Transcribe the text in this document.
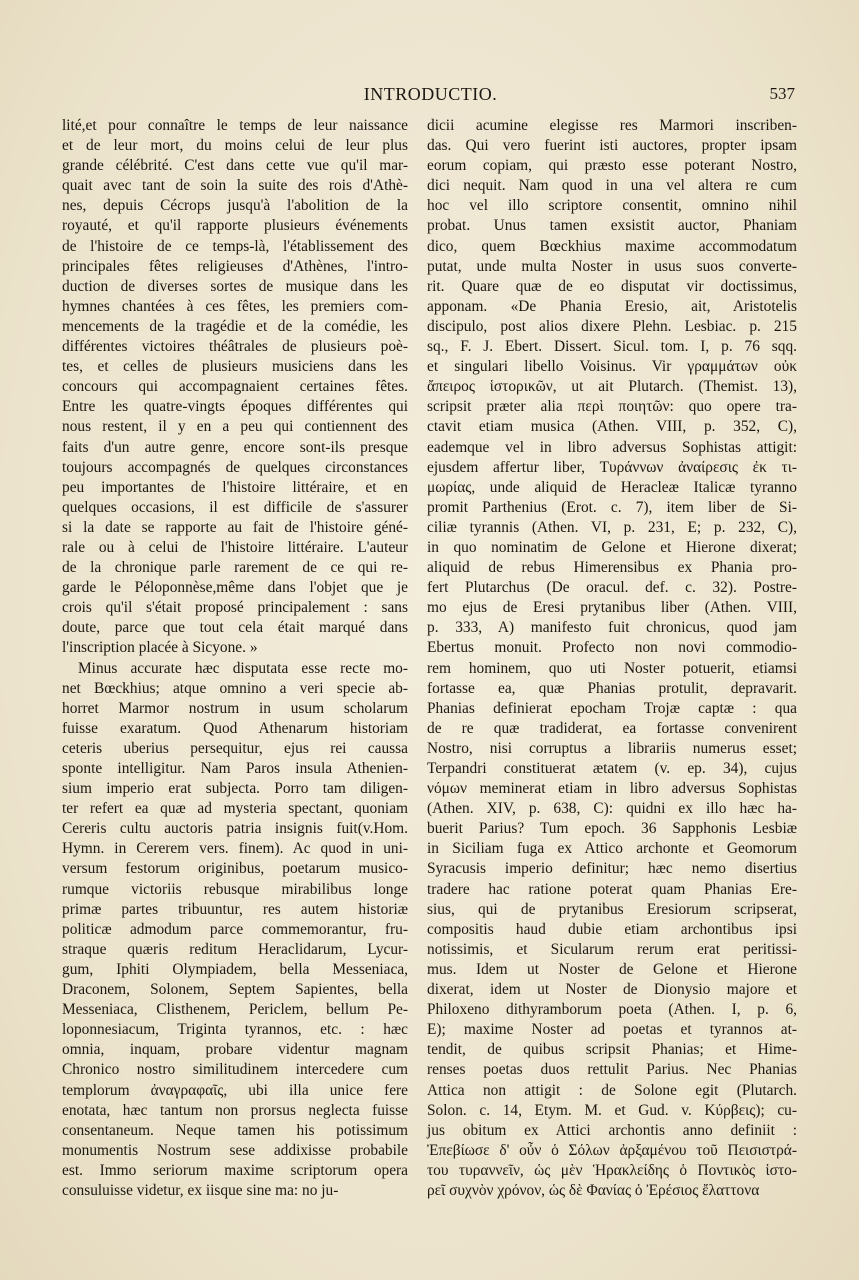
INTRODUCTIO.	537
lité,et pour connaître le temps de leur naissance
et de leur mort, du moins celui de leur plus
grande célébrité. C'est dans cette vue qu'il mar-
quait avec tant de soin la suite des rois d'Athè-
nes, depuis Cécrops jusqu'à l'abolition de la
royauté, et qu'il rapporte plusieurs événements
de l'histoire de ce temps-là, l'établissement des
principales fêtes religieuses d'Athènes, l'intro-
duction de diverses sortes de musique dans les
hymnes chantées à ces fêtes, les premiers com-
mencements de la tragédie et de la comédie, les
différentes victoires théâtrales de plusieurs poè-
tes, et celles de plusieurs musiciens dans les
concours qui accompagnaient certaines fêtes.
Entre les quatre-vingts époques différentes qui
nous restent, il y en a peu qui contiennent des
faits d'un autre genre, encore sont-ils presque
toujours accompagnés de quelques circonstances
peu importantes de l'histoire littéraire, et en
quelques occasions, il est difficile de s'assurer
si la date se rapporte au fait de l'histoire géné-
rale ou à celui de l'histoire littéraire. L'auteur
de la chronique parle rarement de ce qui re-
garde le Péloponnèse,même dans l'objet que je
crois qu'il s'était proposé principalement : sans
doute, parce que tout cela était marqué dans
l'inscription placée à Sicyone. »
Minus accurate hæc disputata esse recte mo-
net Bœckhius; atque omnino a veri specie ab-
horret Marmor nostrum in usum scholarum
fuisse exaratum. Quod Athenarum historiam
ceteris uberius persequitur, ejus rei caussa
sponte intelligitur. Nam Paros insula Athenien-
sium imperio erat subjecta. Porro tam diligen-
ter refert ea quæ ad mysteria spectant, quoniam
Cereris cultu auctoris patria insignis fuit(v.Hom.
Hymn. in Cererem vers. finem). Ac quod in uni-
versum festorum originibus, poetarum musico-
rumque victoriis rebusque mirabilibus longe
primæ partes tribuuntur, res autem historiæ
politicæ admodum parce commemorantur, fru-
straque quæris reditum Heraclidarum, Lycur-
gum, Iphiti Olympiadem, bella Messeniaca,
Draconem, Solonem, Septem Sapientes, bella
Messeniaca, Clisthenem, Periclem, bellum Pe-
loponnesiacum, Triginta tyrannos, etc. : hæc
omnia, inquam, probare videntur magnam
Chronico nostro similitudinem intercedere cum
templorum ἀναγραφαῖς, ubi illa unice fere
enotata, hæc tantum non prorsus neglecta fuisse
consentaneum. Neque tamen his potissimum
monumentis Nostrum sese addixisse probabile
est. Immo seriorum maxime scriptorum opera
consuluisse videtur, ex iisque sine ma: no ju-
dicii acumine elegisse res Marmori inscriben-
das. Qui vero fuerint isti auctores, propter ipsam
eorum copiam, qui præsto esse poterant Nostro,
dici nequit. Nam quod in una vel altera re cum
hoc vel illo scriptore consentit, omnino nihil
probat. Unus tamen exsistit auctor, Phaniam
dico, quem Bœckhius maxime accommodatum
putat, unde multa Noster in usus suos converte-
rit. Quare quæ de eo disputat vir doctissimus,
apponam. «De Phania Eresio, ait, Aristotelis
discipulo, post alios dixere Plehn. Lesbiac. p. 215
sq., F. J. Ebert. Dissert. Sicul. tom. I, p. 76 sqq.
et singulari libello Voisinus. Vir γραμμάτων οὐκ
ἄπειρος ἱστορικῶν, ut ait Plutarch. (Themist. 13),
scripsit præter alia περὶ ποιητῶν: quo opere tra-
ctavit etiam musica (Athen. VIII, p. 352, C),
eademque vel in libro adversus Sophistas attigit:
ejusdem affertur liber, Τυράννων ἀναίρεσις ἐκ τι-
μωρίας, unde aliquid de Heracleæ Italicæ tyranno
promit Parthenius (Erot. c. 7), item liber de Si-
ciliæ tyrannis (Athen. VI, p. 231, E; p. 232, C),
in quo nominatim de Gelone et Hierone dixerat;
aliquid de rebus Himerensibus ex Phania pro-
fert Plutarchus (De oracul. def. c. 32). Postre-
mo ejus de Eresi prytanibus liber (Athen. VIII,
p. 333, A) manifesto fuit chronicus, quod jam
Ebertus monuit. Profecto non novi commodio-
rem hominem, quo uti Noster potuerit, etiamsi
fortasse ea, quæ Phanias protulit, depravarit.
Phanias definierat epocham Trojæ captæ : qua
de re quæ tradiderat, ea fortasse convenirent
Nostro, nisi corruptus a librariis numerus esset;
Terpandri constituerat ætatem (v. ep. 34), cujus
νόμων meminerat etiam in libro adversus Sophistas
(Athen. XIV, p. 638, C): quidni ex illo hæc ha-
buerit Parius? Tum epoch. 36 Sapphonis Lesbiæ
in Siciliam fuga ex Attico archonte et Geomorum
Syracusis imperio definitur; hæc nemo disertius
tradere hac ratione poterat quam Phanias Ere-
sius, qui de prytanibus Eresiorum scripserat,
compositis haud dubie etiam archontibus ipsi
notissimis, et Sicularum rerum erat peritissi-
mus. Idem ut Noster de Gelone et Hierone
dixerat, idem ut Noster de Dionysio majore et
Philoxeno dithyramborum poeta (Athen. I, p. 6,
E); maxime Noster ad poetas et tyrannos at-
tendit, de quibus scripsit Phanias; et Hime-
renses poetas duos rettulit Parius. Nec Phanias
Attica non attigit : de Solone egit (Plutarch.
Solon. c. 14, Etym. M. et Gud. v. Κύρβεις); cu-
jus obitum ex Attici archontis anno definiit :
Ἐπεβίωσε δ' οὖν ὁ Σόλων ἀρξαμένου τοῦ Πεισιστρά-
του τυραννεῖν, ὡς μὲν Ἡρακλείδης ὁ Ποντικὸς ἱστο-
ρεῖ συχνὸν χρόνον, ὡς δὲ Φανίας ὁ Ἐρέσιος ἔλαττονα
